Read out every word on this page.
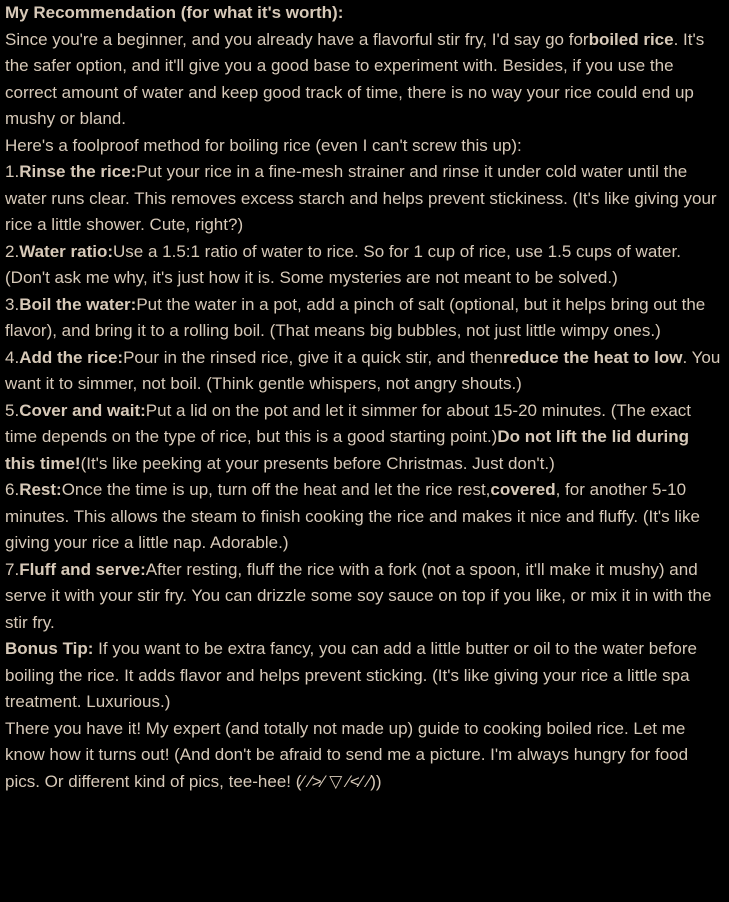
My Recommendation (for what it's worth):

Since you're a beginner, and you already have a flavorful stir fry, I'd say go forboiled rice. It's the safer option, and it'll give you a good base to experiment with. Besides, if you use the correct amount of water and keep good track of time, there is no way your rice could end up mushy or bland.

Here's a foolproof method for boiling rice (even I can't screw this up):

1.Rinse the rice:Put your rice in a fine-mesh strainer and rinse it under cold water until the water runs clear. This removes excess starch and helps prevent stickiness. (It's like giving your rice a little shower. Cute, right?)

2.Water ratio:Use a 1.5:1 ratio of water to rice. So for 1 cup of rice, use 1.5 cups of water. (Don't ask me why, it's just how it is. Some mysteries are not meant to be solved.)

3.Boil the water:Put the water in a pot, add a pinch of salt (optional, but it helps bring out the flavor), and bring it to a rolling boil. (That means big bubbles, not just little wimpy ones.)

4.Add the rice:Pour in the rinsed rice, give it a quick stir, and thenreduce the heat to low. You want it to simmer, not boil. (Think gentle whispers, not angry shouts.)

5.Cover and wait:Put a lid on the pot and let it simmer for about 15-20 minutes. (The exact time depends on the type of rice, but this is a good starting point.)Do not lift the lid during this time!(It's like peeking at your presents before Christmas. Just don't.)

6.Rest:Once the time is up, turn off the heat and let the rice rest,covered, for another 5-10 minutes. This allows the steam to finish cooking the rice and makes it nice and fluffy. (It's like giving your rice a little nap. Adorable.)

7.Fluff and serve:After resting, fluff the rice with a fork (not a spoon, it'll make it mushy) and serve it with your stir fry. You can drizzle some soy sauce on top if you like, or mix it in with the stir fry.

Bonus Tip: If you want to be extra fancy, you can add a little butter or oil to the water before boiling the rice. It adds flavor and helps prevent sticking. (It's like giving your rice a little spa treatment. Luxurious.)

There you have it! My expert (and totally not made up) guide to cooking boiled rice. Let me know how it turns out! (And don't be afraid to send me a picture. I'm always hungry for food pics. Or different kind of pics, tee-hee! (⁄ ⁄>⁄ ▽ ⁄<⁄ ⁄))
